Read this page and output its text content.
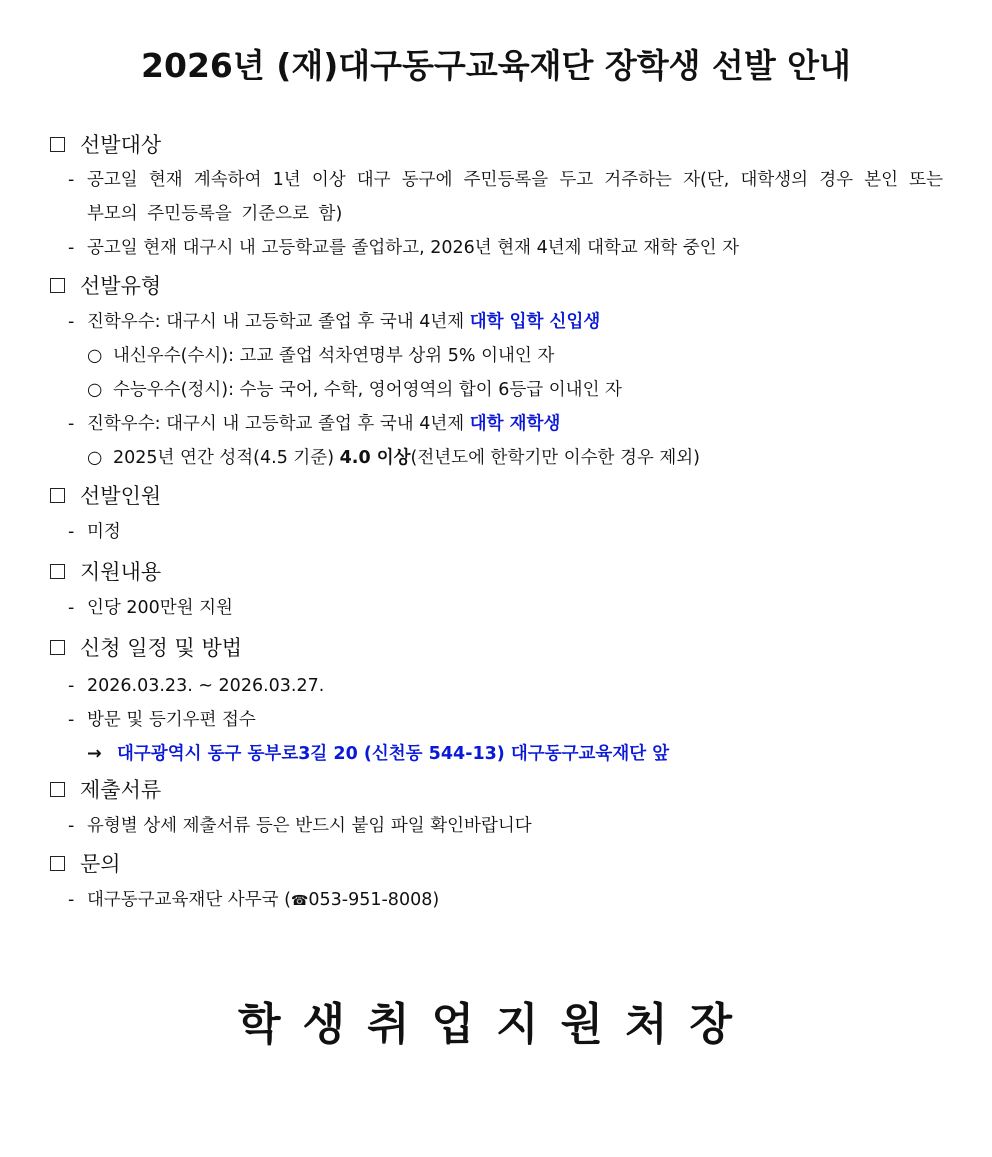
2026년 (재)대구동구교육재단 장학생 선발 안내
선발대상
- 공고일 현재 계속하여 1년 이상 대구 동구에 주민등록을 두고 거주하는 자(단, 대학생의 경우 본인 또는 부모의 주민등록을 기준으로 함)
- 공고일 현재 대구시 내 고등학교를 졸업하고, 2026년 현재 4년제 대학교 재학 중인 자
선발유형
- 진학우수: 대구시 내 고등학교 졸업 후 국내 4년제 대학 입학 신입생
○ 내신우수(수시): 고교 졸업 석차연명부 상위 5% 이내인 자
○ 수능우수(정시): 수능 국어, 수학, 영어영역의 합이 6등급 이내인 자
- 진학우수: 대구시 내 고등학교 졸업 후 국내 4년제 대학 재학생
○ 2025년 연간 성적(4.5 기준) 4.0 이상(전년도에 한학기만 이수한 경우 제외)
선발인원
- 미정
지원내용
- 인당 200만원 지원
신청 일정 및 방법
- 2026.03.23. ~ 2026.03.27.
- 방문 및 등기우편 접수
→ 대구광역시 동구 동부로3길 20 (신천동 544-13) 대구동구교육재단 앞
제출서류
- 유형별 상세 제출서류 등은 반드시 붙임 파일 확인바랍니다
문의
- 대구동구교육재단 사무국 (☎053-951-8008)
학생취업지원처장
